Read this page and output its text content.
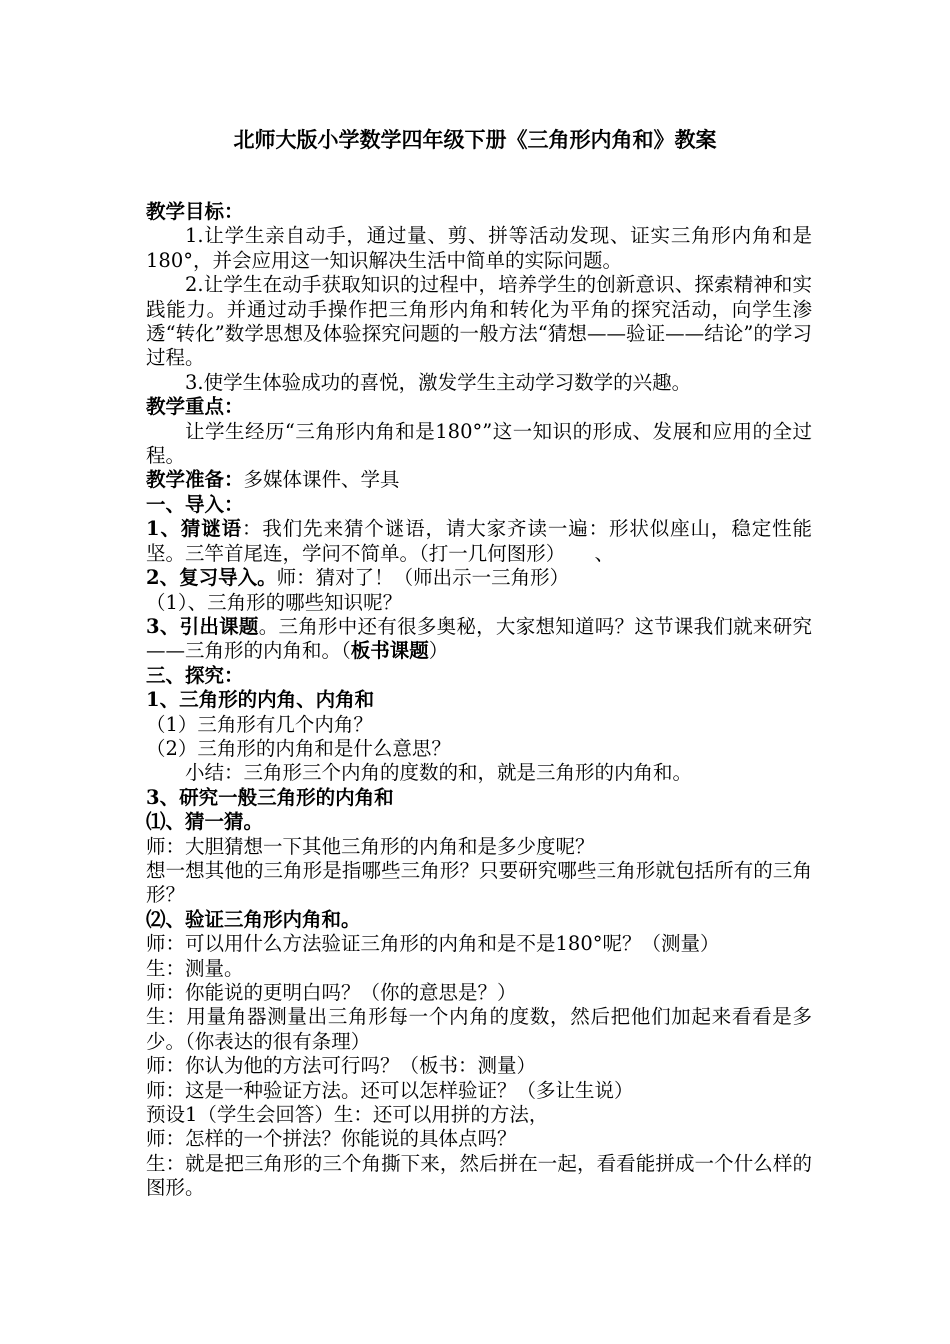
北师大版小学数学四年级下册《三角形内角和》教案

教学目标：

1.让学生亲自动手，通过量、剪、拼等活动发现、证实三角形内角和是180°，并会应用这一知识解决生活中简单的实际问题。

2.让学生在动手获取知识的过程中，培养学生的创新意识、探索精神和实践能力。并通过动手操作把三角形内角和转化为平角的探究活动，向学生渗透“转化”数学思想及体验探究问题的一般方法“猜想——验证——结论”的学习过程。

3.使学生体验成功的喜悦，激发学生主动学习数学的兴趣。

教学重点：

让学生经历“三角形内角和是180°”这一知识的形成、发展和应用的全过程。

教学准备：多媒体课件、学具

一、导入：

1、猜谜语：我们先来猜个谜语，请大家齐读一遍：形状似座山，稳定性能坚。三竿首尾连，学问不简单。（打一几何图形）　　、

2、复习导入。师：猜对了！（师出示一三角形）

（1）、三角形的哪些知识呢？

3、引出课题。三角形中还有很多奥秘，大家想知道吗？这节课我们就来研究——三角形的内角和。（板书课题）

三、探究：

1、三角形的内角、内角和

（1）三角形有几个内角？

（2）三角形的内角和是什么意思？

小结：三角形三个内角的度数的和，就是三角形的内角和。

3、研究一般三角形的内角和

⑴、猜一猜。

师：大胆猜想一下其他三角形的内角和是多少度呢？

想一想其他的三角形是指哪些三角形？只要研究哪些三角形就包括所有的三角形？

⑵、验证三角形内角和。

师：可以用什么方法验证三角形的内角和是不是180°呢？（测量）

生：测量。

师：你能说的更明白吗？（你的意思是？）

生：用量角器测量出三角形每一个内角的度数，然后把他们加起来看看是多少。（你表达的很有条理）

师：你认为他的方法可行吗？（板书：测量）

师：这是一种验证方法。还可以怎样验证？（多让生说）

预设1（学生会回答）生：还可以用拼的方法，

师：怎样的一个拼法？你能说的具体点吗？

生：就是把三角形的三个角撕下来，然后拼在一起，看看能拼成一个什么样的图形。
